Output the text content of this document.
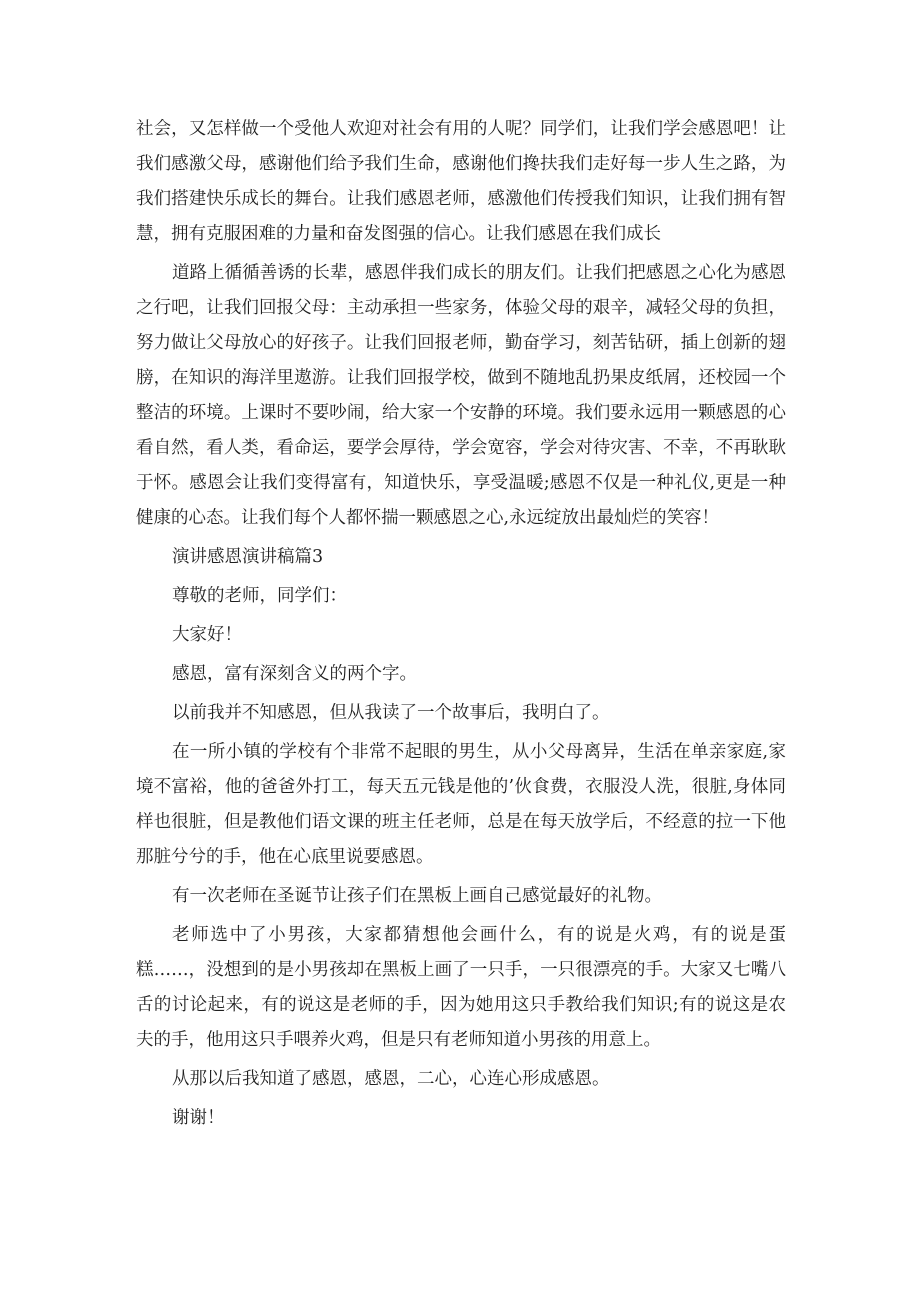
社会，又怎样做一个受他人欢迎对社会有用的人呢？同学们，让我们学会感恩吧！让我们感激父母，感谢他们给予我们生命，感谢他们搀扶我们走好每一步人生之路，为我们搭建快乐成长的舞台。让我们感恩老师，感激他们传授我们知识，让我们拥有智慧，拥有克服困难的力量和奋发图强的信心。让我们感恩在我们成长

道路上循循善诱的长辈，感恩伴我们成长的朋友们。让我们把感恩之心化为感恩之行吧，让我们回报父母：主动承担一些家务，体验父母的艰辛，减轻父母的负担，努力做让父母放心的好孩子。让我们回报老师，勤奋学习，刻苦钻研，插上创新的翅膀，在知识的海洋里遨游。让我们回报学校，做到不随地乱扔果皮纸屑，还校园一个整洁的环境。上课时不要吵闹，给大家一个安静的环境。我们要永远用一颗感恩的心看自然，看人类，看命运，要学会厚待，学会宽容，学会对待灾害、不幸，不再耿耿于怀。感恩会让我们变得富有，知道快乐，享受温暖;感恩不仅是一种礼仪,更是一种健康的心态。让我们每个人都怀揣一颗感恩之心,永远绽放出最灿烂的笑容！

演讲感恩演讲稿篇3

尊敬的老师，同学们：

大家好！

感恩，富有深刻含义的两个字。

以前我并不知感恩，但从我读了一个故事后，我明白了。

在一所小镇的学校有个非常不起眼的男生，从小父母离异，生活在单亲家庭,家境不富裕，他的爸爸外打工，每天五元钱是他的’伙食费，衣服没人洗，很脏,身体同样也很脏，但是教他们语文课的班主任老师，总是在每天放学后，不经意的拉一下他那脏兮兮的手，他在心底里说要感恩。

有一次老师在圣诞节让孩子们在黑板上画自己感觉最好的礼物。

老师选中了小男孩，大家都猜想他会画什么，有的说是火鸡，有的说是蛋糕……，没想到的是小男孩却在黑板上画了一只手，一只很漂亮的手。大家又七嘴八舌的讨论起来，有的说这是老师的手，因为她用这只手教给我们知识;有的说这是农夫的手，他用这只手喂养火鸡，但是只有老师知道小男孩的用意上。

从那以后我知道了感恩，感恩，二心，心连心形成感恩。

谢谢！
